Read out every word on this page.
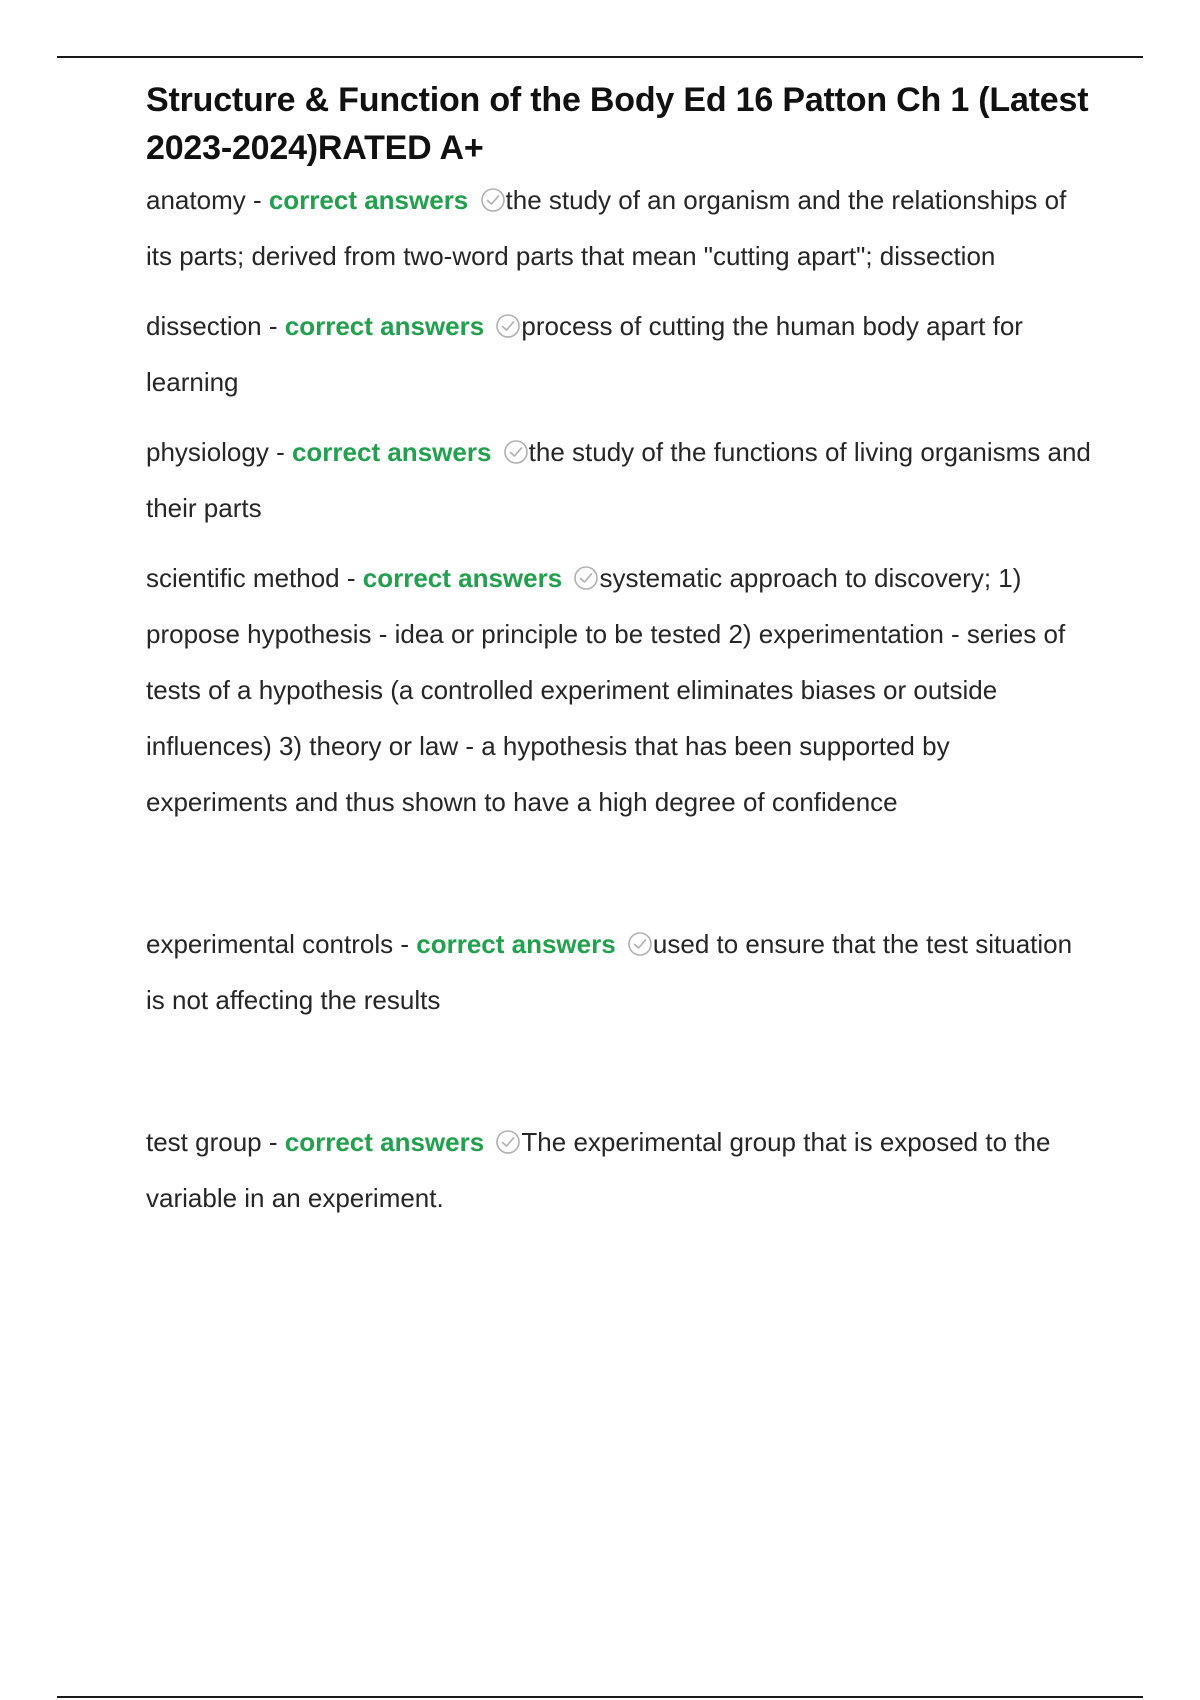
Structure & Function of the Body Ed 16 Patton Ch 1 (Latest 2023-2024)RATED A+

anatomy - correct answers the study of an organism and the relationships of its parts; derived from two-word parts that mean "cutting apart"; dissection

dissection - correct answers process of cutting the human body apart for learning

physiology - correct answers the study of the functions of living organisms and their parts

scientific method - correct answers systematic approach to discovery; 1) propose hypothesis - idea or principle to be tested 2) experimentation - series of tests of a hypothesis (a controlled experiment eliminates biases or outside influences) 3) theory or law - a hypothesis that has been supported by experiments and thus shown to have a high degree of confidence

experimental controls - correct answers used to ensure that the test situation is not affecting the results

test group - correct answers The experimental group that is exposed to the variable in an experiment.
